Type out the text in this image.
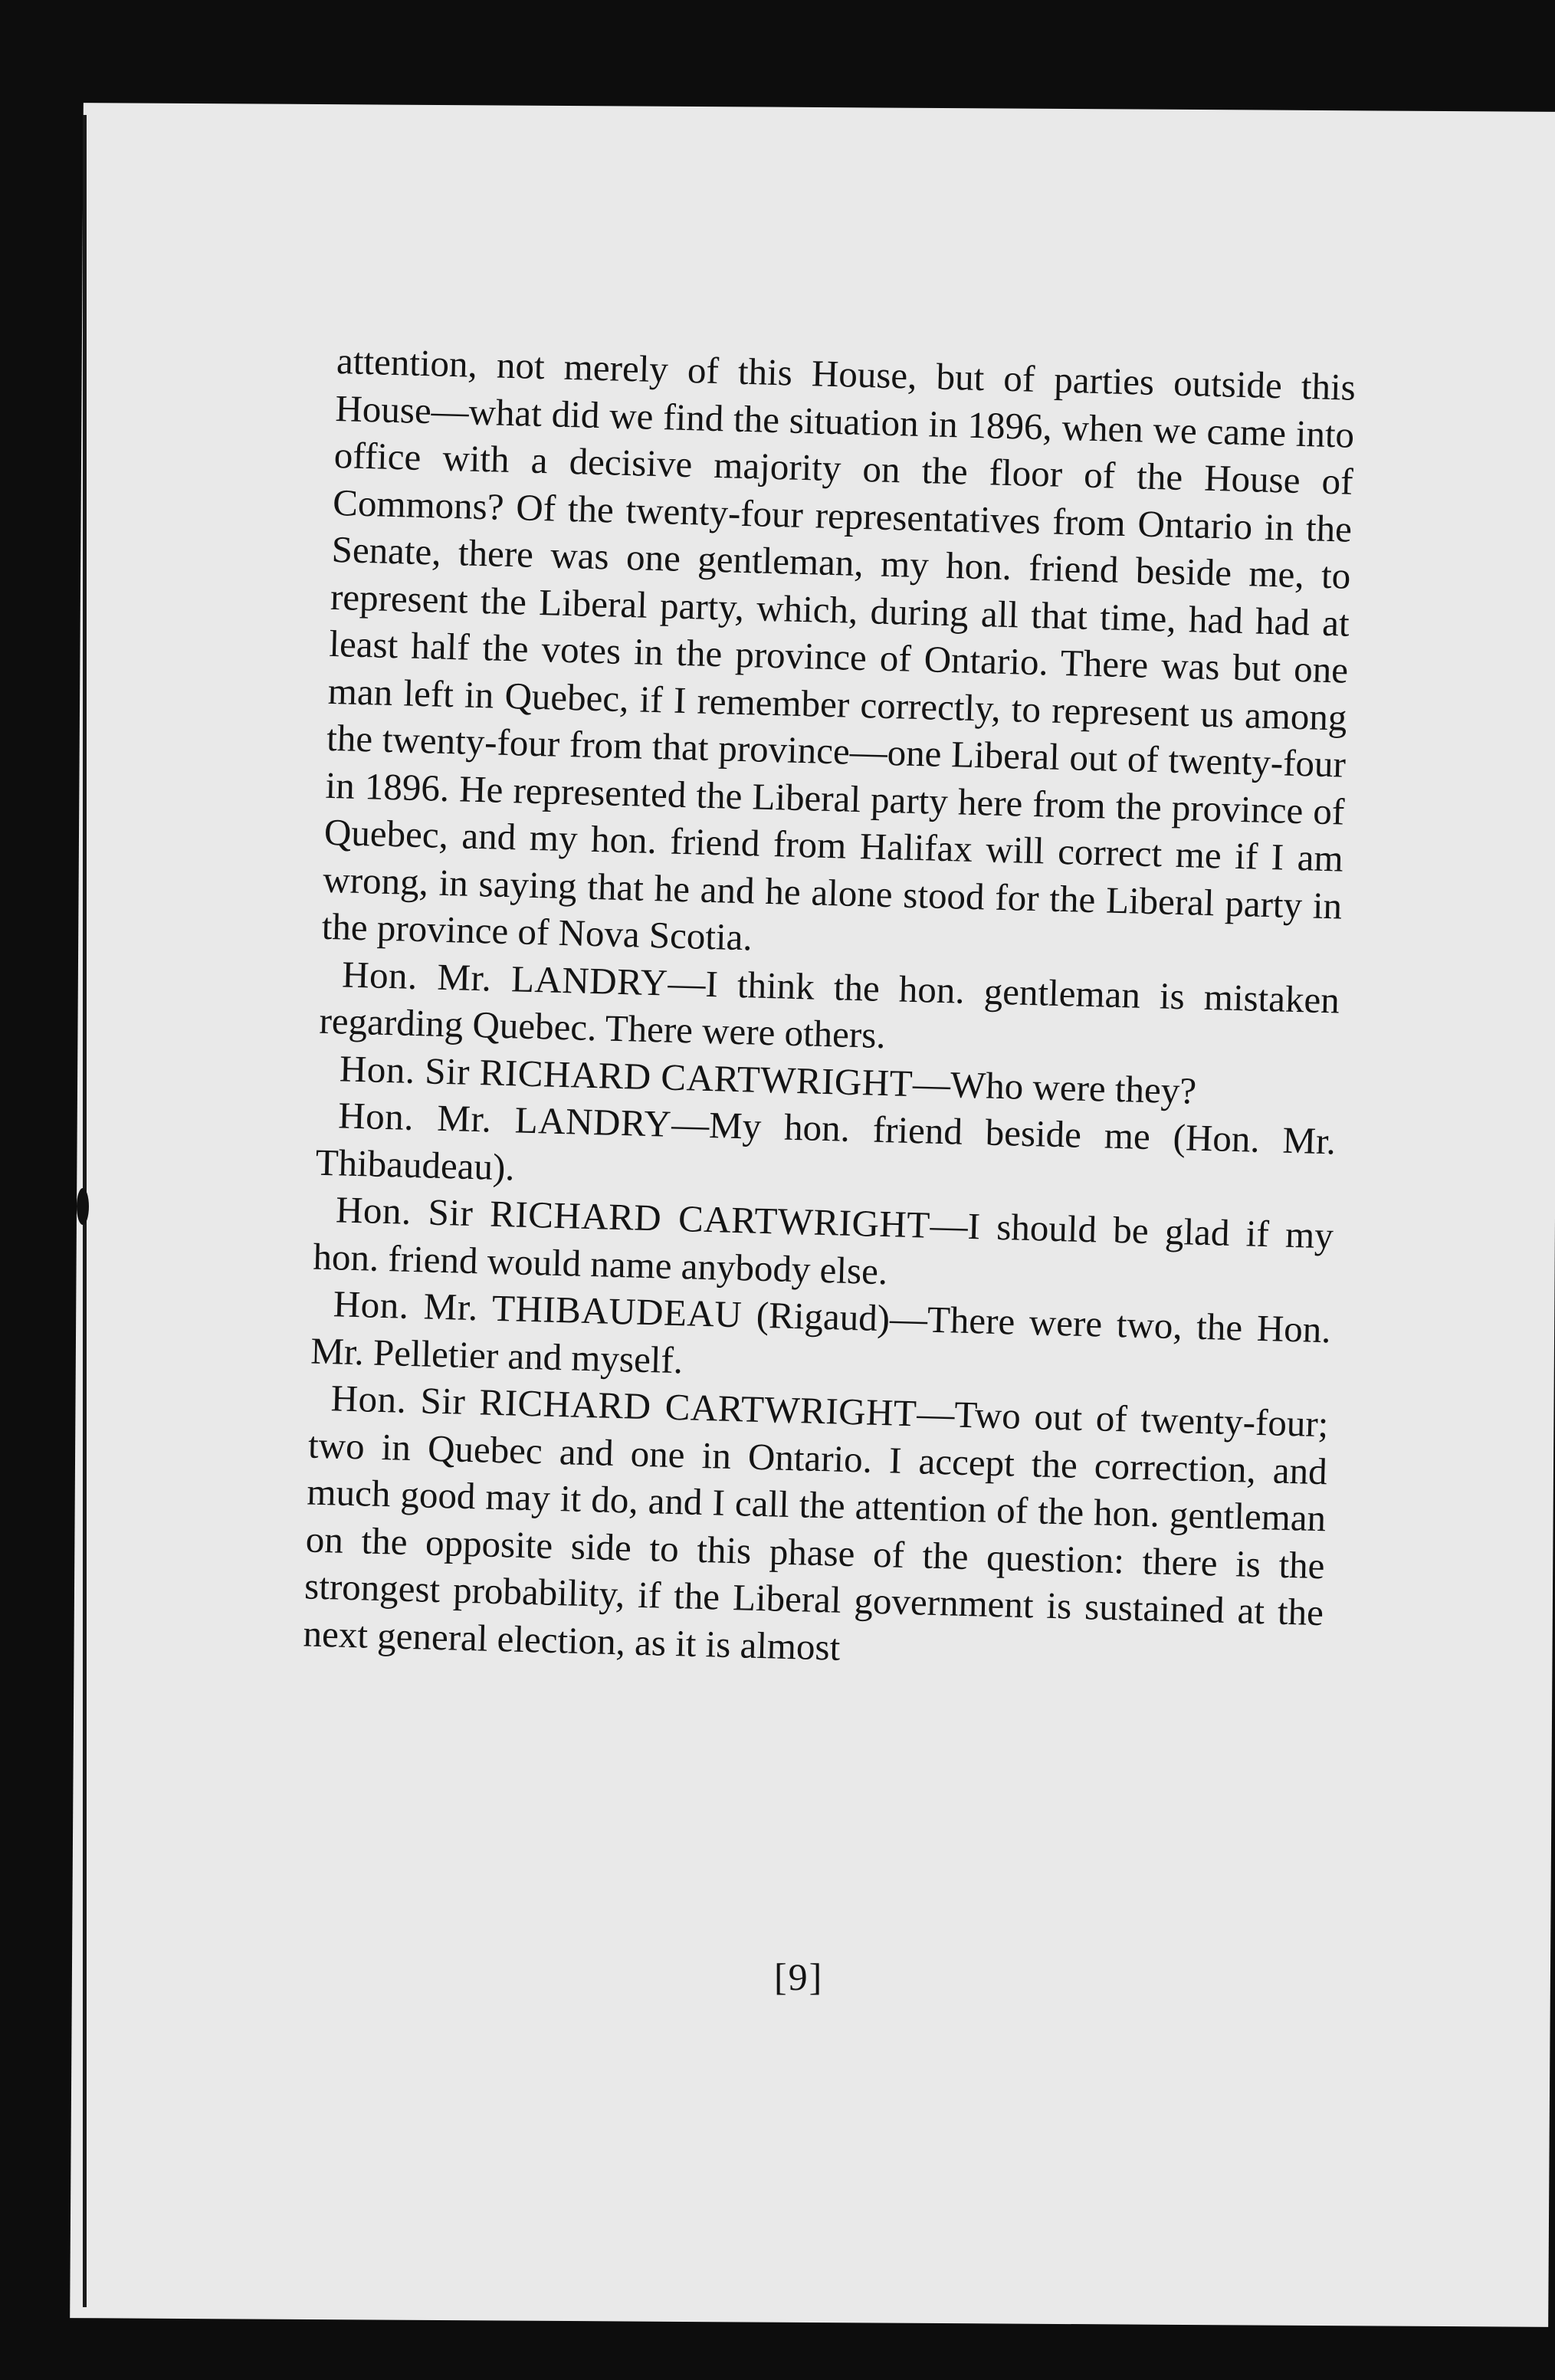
attention, not merely of this House, but of parties outside this House—what did we find the situation in 1896, when we came into office with a decisive majority on the floor of the House of Commons? Of the twenty-four representatives from Ontario in the Senate, there was one gentleman, my hon. friend beside me, to represent the Liberal party, which, during all that time, had had at least half the votes in the province of Ontario. There was but one man left in Quebec, if I remember correctly, to represent us among the twenty-four from that province—one Liberal out of twenty-four in 1896. He represented the Liberal party here from the province of Quebec, and my hon. friend from Halifax will correct me if I am wrong, in saying that he and he alone stood for the Liberal party in the province of Nova Scotia.

Hon. Mr. LANDRY—I think the hon. gentleman is mistaken regarding Quebec. There were others.

Hon. Sir RICHARD CARTWRIGHT—Who were they?

Hon. Mr. LANDRY—My hon. friend beside me (Hon. Mr. Thibaudeau).

Hon. Sir RICHARD CARTWRIGHT—I should be glad if my hon. friend would name anybody else.

Hon. Mr. THIBAUDEAU (Rigaud)—There were two, the Hon. Mr. Pelletier and myself.

Hon. Sir RICHARD CARTWRIGHT—Two out of twenty-four; two in Quebec and one in Ontario. I accept the correction, and much good may it do, and I call the attention of the hon. gentleman on the opposite side to this phase of the question: there is the strongest probability, if the Liberal government is sustained at the next general election, as it is almost

[9]
